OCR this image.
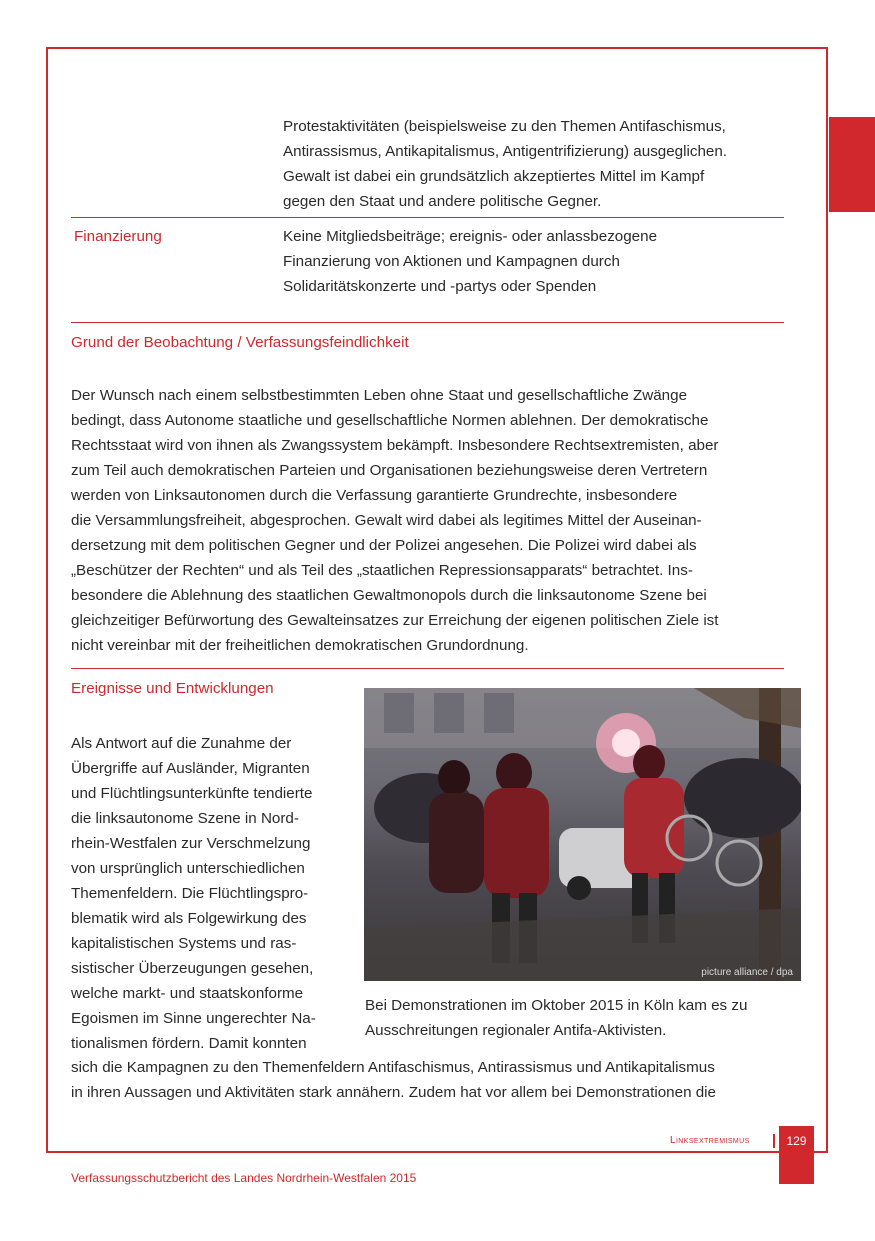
Protestaktivitäten (beispielsweise zu den Themen Antifaschismus,
Antirassismus, Antikapitalismus, Antigentrifizierung) ausgeglichen.
Gewalt ist dabei ein grundsätzlich akzeptiertes Mittel im Kampf
gegen den Staat und andere politische Gegner.
Finanzierung	Keine Mitgliedsbeiträge; ereignis- oder anlassbezogene
Finanzierung von Aktionen und Kampagnen durch
Solidaritätskonzerte und -partys oder Spenden
Grund der Beobachtung / Verfassungsfeindlichkeit
Der Wunsch nach einem selbstbestimmten Leben ohne Staat und gesellschaftliche Zwänge
bedingt, dass Autonome staatliche und gesellschaftliche Normen ablehnen. Der demokratische
Rechtsstaat wird von ihnen als Zwangssystem bekämpft. Insbesondere Rechtsextremisten, aber
zum Teil auch demokratischen Parteien und Organisationen beziehungsweise deren Vertretern
werden von Linksautonomen durch die Verfassung garantierte Grundrechte, insbesondere
die Versammlungsfreiheit, abgesprochen. Gewalt wird dabei als legitimes Mittel der Auseinan-
dersetzung mit dem politischen Gegner und der Polizei angesehen. Die Polizei wird dabei als
„Beschützer der Rechten“ und als Teil des „staatlichen Repressionsapparats“ betrachtet. Ins-
besondere die Ablehnung des staatlichen Gewaltmonopols durch die linksautonome Szene bei
gleichzeitiger Befürwortung des Gewalteinsatzes zur Erreichung der eigenen politischen Ziele ist
nicht vereinbar mit der freiheitlichen demokratischen Grundordnung.
Ereignisse und Entwicklungen
Als Antwort auf die Zunahme der
Übergriffe auf Ausländer, Migranten
und Flüchtlingsunterkünfte tendierte
die linksautonome Szene in Nord-
rhein-Westfalen zur Verschmelzung
von ursprünglich unterschiedlichen
Themenfeldern. Die Flüchtlingspro-
blematik wird als Folgewirkung des
kapitalistischen Systems und ras-
sistischer Überzeugungen gesehen,
welche markt- und staatskonforme
Egoismen im Sinne ungerechter Na-
tionalismen fördern. Damit konnten
picture alliance / dpa
Bei Demonstrationen im Oktober 2015 in Köln kam es zu
Ausschreitungen regionaler Antifa-Aktivisten.
sich die Kampagnen zu den Themenfeldern Antifaschismus, Antirassismus und Antikapitalismus
in ihren Aussagen und Aktivitäten stark annähern. Zudem hat vor allem bei Demonstrationen die
Linksextremismus	129
Verfassungsschutzbericht des Landes Nordrhein-Westfalen 2015
